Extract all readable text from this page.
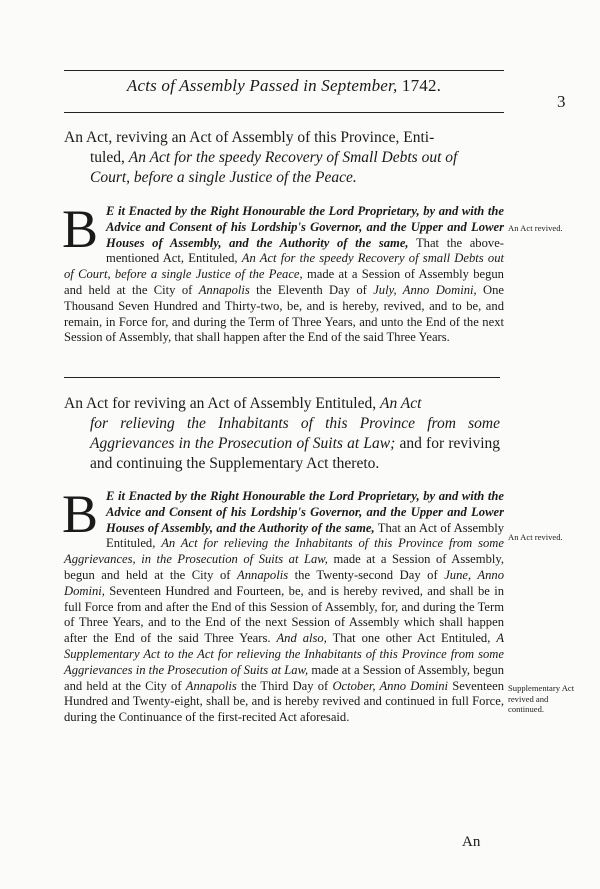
Acts of Assembly Passed in September, 1742.
3
An Act, reviving an Act of Assembly of this Province, Enti-
tuled, An Act for the speedy Recovery of Small Debts out of
Court, before a single Justice of the Peace.
B E it Enacted by the Right Honourable the Lord Proprietary, by and with the Advice and Consent of his Lordship's Governor, and the Upper and Lower Houses of Assembly, and the Authority of the same, That the above-mentioned Act, Entituled, An Act for the speedy Recovery of small Debts out of Court, before a single Justice of the Peace, made at a Session of Assembly begun and held at the City of Annapolis the Eleventh Day of July, Anno Domini, One Thousand Seven Hundred and Thirty-two, be, and is hereby, revived, and to be, and remain, in Force for, and during the Term of Three Years, and unto the End of the next Session of Assembly, that shall happen after the End of the said Three Years.
An Act revived.
An Act for reviving an Act of Assembly Entituled, An Act
for relieving the Inhabitants of this Province from some Aggrievances in the Prosecution of Suits at Law; and for reviving and continuing the Supplementary Act thereto.
B E it Enacted by the Right Honourable the Lord Proprietary, by and with the Advice and Consent of his Lordship's Governor, and the Upper and Lower Houses of Assembly, and the Authority of the same, That an Act of Assembly Entituled, An Act for relieving the Inhabitants of this Province from some Aggrievances, in the Prosecution of Suits at Law, made at a Session of Assembly, begun and held at the City of Annapolis the Twenty-second Day of June, Anno Domini, Seventeen Hundred and Fourteen, be, and is hereby revived, and shall be in full Force from and after the End of this Session of Assembly, for, and during the Term of Three Years, and to the End of the next Session of Assembly which shall happen after the End of the said Three Years. And also, That one other Act Entituled, A Supplementary Act to the Act for relieving the Inhabitants of this Province from some Aggrievances in the Prosecution of Suits at Law, made at a Session of Assembly, begun and held at the City of Annapolis the Third Day of October, Anno Domini Seventeen Hundred and Twenty-eight, shall be, and is hereby revived and continued in full Force, during the Continuance of the first-recited Act aforesaid.
An Act revived.
Supplementary Act revived and continued.
An
